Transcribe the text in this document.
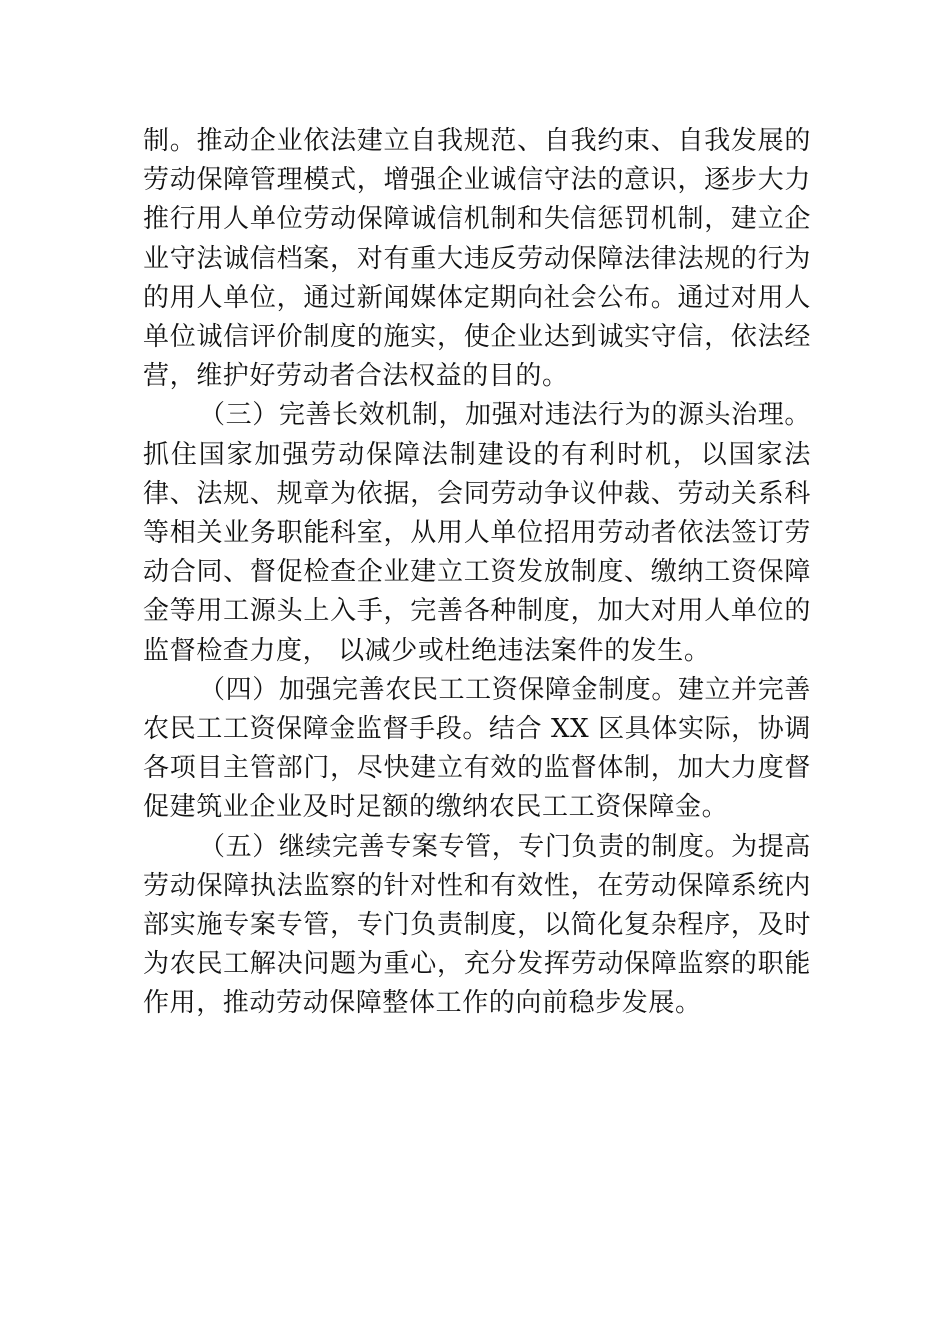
制。推动企业依法建立自我规范、自我约束、自我发展的劳动保障管理模式，增强企业诚信守法的意识，逐步大力推行用人单位劳动保障诚信机制和失信惩罚机制，建立企业守法诚信档案，对有重大违反劳动保障法律法规的行为的用人单位，通过新闻媒体定期向社会公布。通过对用人单位诚信评价制度的施实，使企业达到诚实守信，依法经营，维护好劳动者合法权益的目的。

（三）完善长效机制，加强对违法行为的源头治理。抓住国家加强劳动保障法制建设的有利时机，以国家法律、法规、规章为依据，会同劳动争议仲裁、劳动关系科等相关业务职能科室，从用人单位招用劳动者依法签订劳动合同、督促检查企业建立工资发放制度、缴纳工资保障金等用工源头上入手，完善各种制度，加大对用人单位的监督检查力度， 以减少或杜绝违法案件的发生。

（四）加强完善农民工工资保障金制度。建立并完善农民工工资保障金监督手段。结合 XX 区具体实际，协调各项目主管部门，尽快建立有效的监督体制，加大力度督促建筑业企业及时足额的缴纳农民工工资保障金。

（五）继续完善专案专管，专门负责的制度。为提高劳动保障执法监察的针对性和有效性，在劳动保障系统内部实施专案专管，专门负责制度，以简化复杂程序，及时为农民工解决问题为重心，充分发挥劳动保障监察的职能作用，推动劳动保障整体工作的向前稳步发展。
